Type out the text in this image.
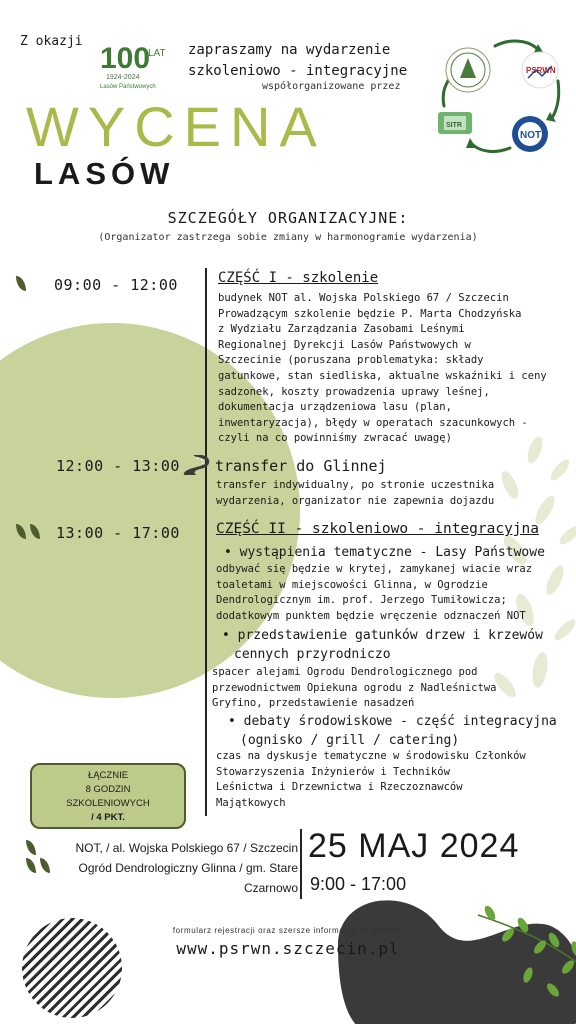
Z okazji
100
LAT
1924-2024
Lasów Państwowych
zapraszamy na wydarzenie
szkoleniowo - integracyjne
współorganizowane przez
PSRWN
SITR
NOT
WYCENA
LASÓW
SZCZEGÓŁY ORGANIZACYJNE:
(Organizator zastrzega sobie zmiany w harmonogramie wydarzenia)
09:00 - 12:00	CZĘŚĆ I - szkolenie
budynek NOT al. Wojska Polskiego 67 / Szczecin
Prowadzącym szkolenie będzie P. Marta Chodzyńska
z Wydziału Zarządzania Zasobami Leśnymi
Regionalnej Dyrekcji Lasów Państwowych w
Szczecinie (poruszana problematyka: składy
gatunkowe, stan siedliska, aktualne wskaźniki i ceny
sadzonek, koszty prowadzenia uprawy leśnej,
dokumentacja urządzeniowa lasu (plan,
inwentaryzacja), błędy w operatach szacunkowych -
czyli na co powinniśmy zwracać uwagę)
12:00 - 13:00 transfer do Glinnej
transfer indywidualny, po stronie uczestnika
wydarzenia, organizator nie zapewnia dojazdu
13:00 - 17:00 CZĘŚĆ II - szkoleniowo - integracyjna
• wystąpienia tematyczne - Lasy Państwowe
odbywać się będzie w krytej, zamykanej wiacie wraz
toaletami w miejscowości Glinna, w Ogrodzie
Dendrologicznym im. prof. Jerzego Tumiłowicza;
dodatkowym punktem będzie wręczenie odznaczeń NOT
• przedstawienie gatunków drzew i krzewów
cennych przyrodniczo
spacer alejami Ogrodu Dendrologicznego pod
przewodnictwem Opiekuna ogrodu z Nadleśnictwa
Gryfino, przedstawienie nasadzeń
• debaty środowiskowe - część integracyjna
(ognisko / grill / catering)
czas na dyskusje tematyczne w środowisku Członków
Stowarzyszenia Inżynierów i Techników
Leśnictwa i Drzewnictwa i Rzeczoznawców
Majątkowych
ŁĄCZNIE
8 GODZIN
SZKOLENIOWYCH
/ 4 PKT.
NOT, / al. Wojska Polskiego 67 / Szczecin
Ogród Dendrologiczny Glinna / gm. Stare
Czarnowo
25 MAJ 2024
9:00 - 17:00
formularz rejestracji oraz szersze informacje na stronie:
www.psrwn.szczecin.pl
